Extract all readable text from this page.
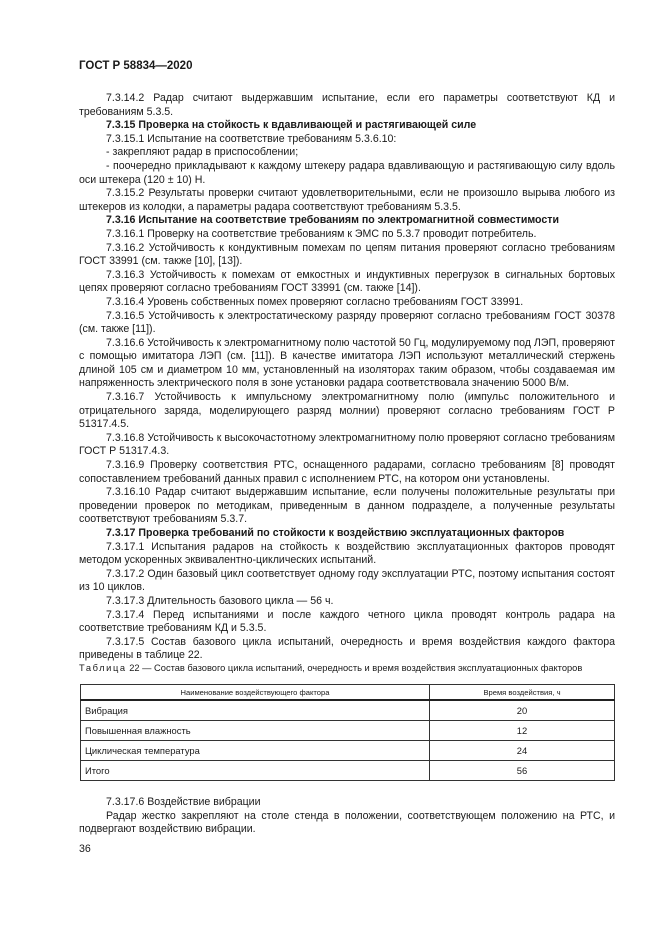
ГОСТ Р 58834—2020

7.3.14.2 Радар считают выдержавшим испытание, если его параметры соответствуют КД и требованиям 5.3.5.

7.3.15 Проверка на стойкость к вдавливающей и растягивающей силе

7.3.15.1 Испытание на соответствие требованиям 5.3.6.10:

- закрепляют радар в приспособлении;

- поочередно прикладывают к каждому штекеру радара вдавливающую и растягивающую силу вдоль оси штекера (120 ± 10) Н.

7.3.15.2 Результаты проверки считают удовлетворительными, если не произошло вырыва любого из штекеров из колодки, а параметры радара соответствуют требованиям 5.3.5.

7.3.16 Испытание на соответствие требованиям по электромагнитной совместимости

7.3.16.1 Проверку на соответствие требованиям к ЭМС по 5.3.7 проводит потребитель.

7.3.16.2 Устойчивость к кондуктивным помехам по цепям питания проверяют согласно требованиям ГОСТ 33991 (см. также [10], [13]).

7.3.16.3 Устойчивость к помехам от емкостных и индуктивных перегрузок в сигнальных бортовых цепях проверяют согласно требованиям ГОСТ 33991 (см. также [14]).

7.3.16.4 Уровень собственных помех проверяют согласно требованиям ГОСТ 33991.

7.3.16.5 Устойчивость к электростатическому разряду проверяют согласно требованиям ГОСТ 30378 (см. также [11]).

7.3.16.6 Устойчивость к электромагнитному полю частотой 50 Гц, модулируемому под ЛЭП, проверяют с помощью имитатора ЛЭП (см. [11]). В качестве имитатора ЛЭП используют металлический стержень длиной 105 см и диаметром 10 мм, установленный на изоляторах таким образом, чтобы создаваемая им напряженность электрического поля в зоне установки радара соответствовала значению 5000 В/м.

7.3.16.7 Устойчивость к импульсному электромагнитному полю (импульс положительного и отрицательного заряда, моделирующего разряд молнии) проверяют согласно требованиям ГОСТ Р 51317.4.5.

7.3.16.8 Устойчивость к высокочастотному электромагнитному полю проверяют согласно требованиям ГОСТ Р 51317.4.3.

7.3.16.9 Проверку соответствия РТС, оснащенного радарами, согласно требованиям [8] проводят сопоставлением требований данных правил с исполнением РТС, на котором они установлены.

7.3.16.10 Радар считают выдержавшим испытание, если получены положительные результаты при проведении проверок по методикам, приведенным в данном подразделе, а полученные результаты соответствуют требованиям 5.3.7.

7.3.17 Проверка требований по стойкости к воздействию эксплуатационных факторов

7.3.17.1 Испытания радаров на стойкость к воздействию эксплуатационных факторов проводят методом ускоренных эквивалентно-циклических испытаний.

7.3.17.2 Один базовый цикл соответствует одному году эксплуатации РТС, поэтому испытания состоят из 10 циклов.

7.3.17.3 Длительность базового цикла — 56 ч.

7.3.17.4 Перед испытаниями и после каждого четного цикла проводят контроль радара на соответствие требованиям КД и 5.3.5.

7.3.17.5 Состав базового цикла испытаний, очередность и время воздействия каждого фактора приведены в таблице 22.

Таблица 22 — Состав базового цикла испытаний, очередность и время воздействия эксплуатационных факторов
Наименование воздействующего фактора	Время воздействия, ч
Вибрация	20
Повышенная влажность	12
Циклическая температура	24
Итого	56

7.3.17.6 Воздействие вибрации

Радар жестко закрепляют на столе стенда в положении, соответствующем положению на РТС, и подвергают воздействию вибрации.

36
